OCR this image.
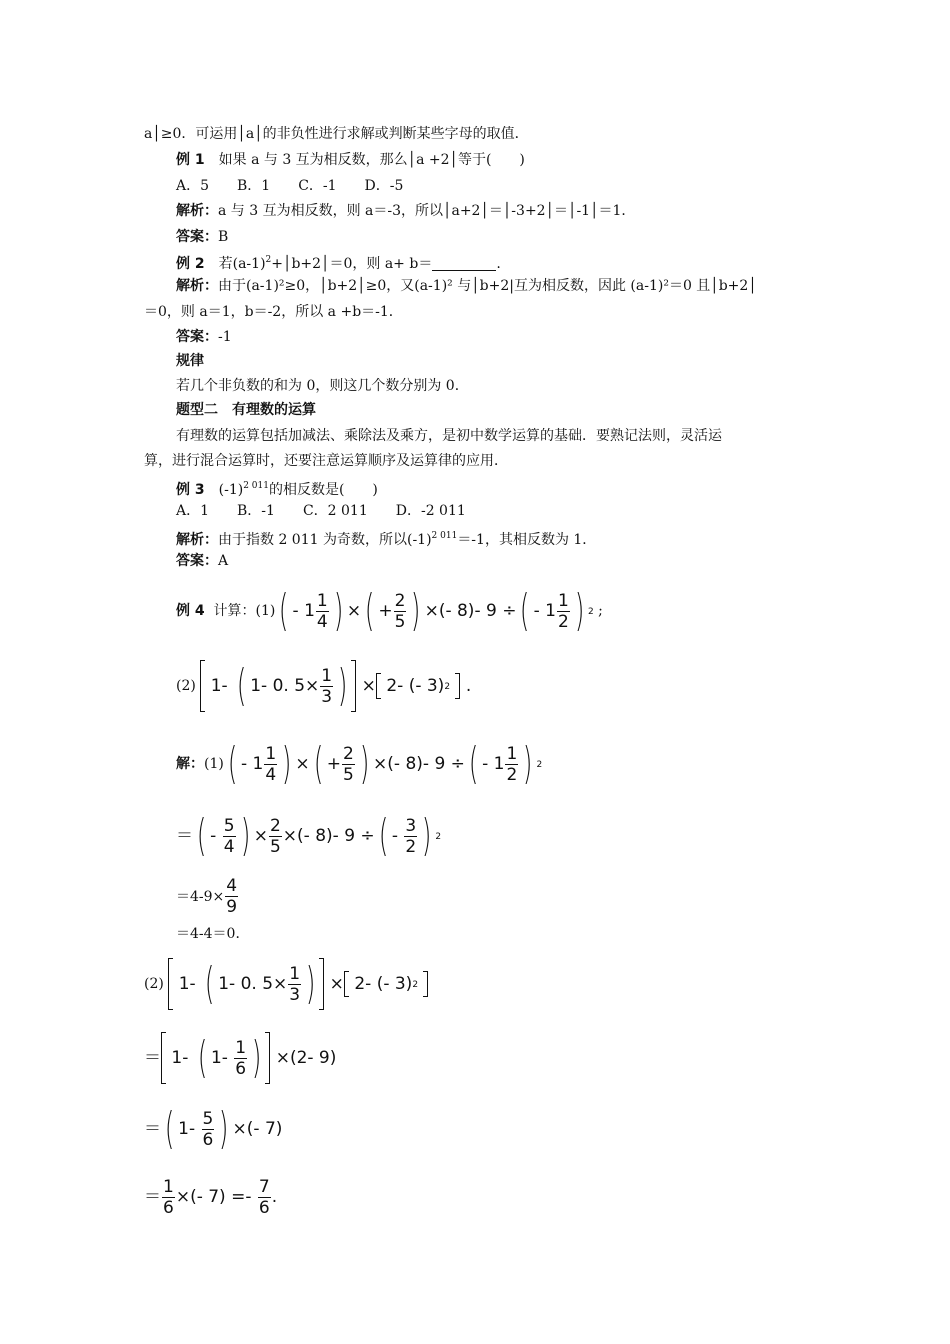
a│≥0．可运用│a│的非负性进行求解或判断某些字母的取值．
例 1　 如果 a 与 3 互为相反数，那么│a +2│等于(　　)
A．5　　B．1　　C．-1　　D．-5
解析：a 与 3 互为相反数，则 a＝-3，所以│a+2│＝│-3+2│＝│-1│＝1．
答案：B
例 2　 若$(a-1)^2+│b+2│=0$，则 a+ b＝	.
解析：由于(a-1)²≥0，│b+2│≥0，又(a-1)² 与│b+2|互为相反数，因此 (a-1)²＝0 且│b+2│
＝0，则 a＝1，b＝-2，所以 a +b＝-1．
答案：-1
规律
若几个非负数的和为 0，则这几个数分别为 0．
题型二　有理数的运算
有理数的运算包括加减法、乘除法及乘方，是初中数学运算的基础．要熟记法则，灵活运
算，进行混合运算时，还要注意运算顺序及运算律的应用．
例 3　 $(-1)^{2 011}$的相反数是(　　)
A．1　　B．-1　　C．2 011　　D．-2 011
解析：由于指数 2 011 为奇数，所以$(-1)^{2 011}=-1$，其相反数为 1．
答案：A
例 4
计算：(1) ( - 1
1
4 ) × ( +
2
5 ) ×(- 8)- 9 ÷ ( - 1
1
2 ) 2 ;
(2)
1- ( 1- 0. 5×
1
3 ) ×
2- (- 3) 2
.
解： (1) ( - 1
1
4 ) × ( +
2
5 ) ×(- 8)- 9 ÷ ( - 1
1
2 ) 2
＝ ( -
5
4 ) ×
2
5
×(- 8)- 9 ÷ ( -
3
2 ) 2
$=4-9\times \frac{4}{9}$
＝4-4＝0．
(2)
1- ( 1- 0. 5×
1
3 ) ×
2- (- 3) 2

＝
1- ( 1-
1
6 ) ×(2- 9)
＝ ( 1-
5
6 ) ×(- 7)
＝
1
6
×(- 7) =-
7
6
.
